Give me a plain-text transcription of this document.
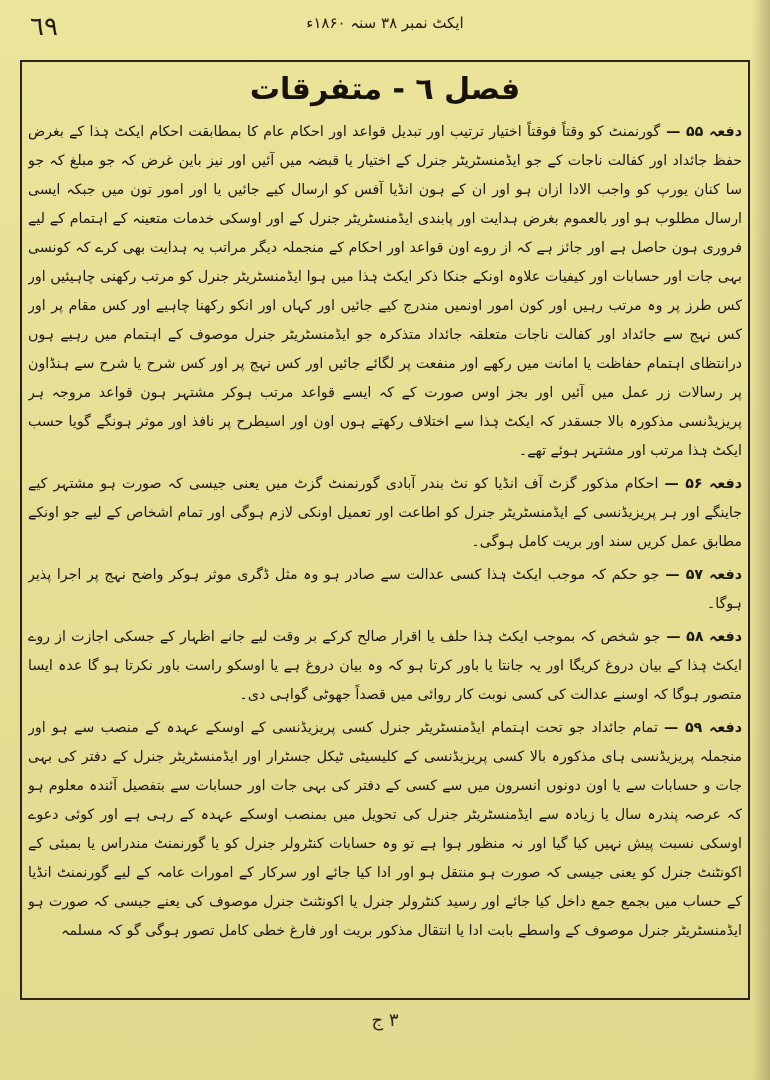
٦٩	ایکٹ نمبر ۳۸ سنہ ۱۸۶۰ء
فصل ٦ - متفرقات

دفعہ ۵۵ —گورنمنٹ کو وقتاً فوقتاً اختیار ترتیب اور تبدیل قواعد اور احکام عام کا بمطابقت احکام ایکٹ ہٰذا کے بغرض حفظ جائداد اور کفالت ناجات کے جو ایڈمنسٹریٹر جنرل کے اختیار یا قبضہ میں آئیں اور نیز باین غرض کہ جو مبلغ کہ جو سا کنان یورپ کو واجب الادا ازان ہو اور ان کے ہون انڈیا آفس کو ارسال کیے جائیں یا اور امور تون میں جبکہ ایسی ارسال مطلوب ہو اور بالعموم بغرض ہدایت اور پابندی ایڈمنسٹریٹر جنرل کے اور اوسکی خدمات متعینہ کے اہتمام کے لیے فروری ہون حاصل ہے اور جائز ہے کہ از روے اون قواعد اور احکام کے منجملہ دیگر مراتب یہ ہدایت بھی کرے کہ کونسی بہی جات اور حسابات اور کیفیات علاوہ اونکے جنکا ذکر ایکٹ ہٰذا میں ہوا ایڈمنسٹریٹر جنرل کو مرتب رکھنی چاہیئیں اور کس طرز پر وہ مرتب رہیں اور کون امور اونمیں مندرج کیے جائیں اور کہاں اور انکو رکھنا چاہیے اور کس مقام پر اور کس نہج سے جائداد اور کفالت ناجات متعلقہ جائداد متذکرہ جو ایڈمنسٹریٹر جنرل موصوف کے اہتمام میں رہیے ہوں درانتظای اہتمام حفاظت یا امانت میں رکھے اور منفعت پر لگائے جائیں اور کس نہج پر اور کس شرح یا شرح سے ہنڈاون پر رسالات زر عمل میں آئیں اور بجز اوس صورت کے کہ ایسے قواعد مرتب ہوکر مشتہر ہون قواعد مروجہ ہر پریزیڈنسی مذکورہ بالا جسقدر کہ ایکٹ ہٰذا سے اختلاف رکھتے ہوں اون اور اسیطرح پر نافذ اور موثر ہونگے گویا حسب ایکٹ ہٰذا مرتب اور مشتہر ہوئے تھے۔

دفعہ ۵۶ —احکام مذکور گزٹ آف انڈیا کو نٹ بندر آبادی گورنمنٹ گزٹ میں یعنی جیسی کہ صورت ہو مشتہر کیے جاینگے اور ہر پریزیڈنسی کے ایڈمنسٹریٹر جنرل کو اطاعت اور تعمیل اونکی لازم ہوگی اور تمام اشخاص کے لیے جو اونکے مطابق عمل کریں سند اور بریت کامل ہوگی۔

دفعہ ۵۷ —جو حکم کہ موجب ایکٹ ہٰذا کسی عدالت سے صادر ہو وہ مثل ڈگری موثر ہوکر واضح نہج پر اجرا پذیر ہوگا۔

دفعہ ۵۸ —جو شخص کہ بموجب ایکٹ ہٰذا حلف یا اقرار صالح کرکے بر وقت لیے جانے اظہار کے جسکی اجازت از روے ایکٹ ہٰذا کے بیان دروغ کریگا اور یہ جانتا یا باور کرتا ہو کہ وہ بیان دروغ ہے یا اوسکو راست باور نکرتا ہو گا عدہ ایسا متصور ہوگا کہ اوسنے عدالت کی کسی نوبت کار روائی میں قصداً جھوٹی گواہی دی۔

دفعہ ۵۹ —تمام جائداد جو تحت اہتمام ایڈمنسٹریٹر جنرل کسی پریزیڈنسی کے اوسکے عہدہ کے منصب سے ہو اور منجملہ پریزیڈنسی ہای مذکورہ بالا کسی پریزیڈنسی کے کلیسیٹی ٹیکل جسٹرار اور ایڈمنسٹریٹر جنرل کے دفتر کی بہی جات و حسابات سے یا اون دونوں انسرون میں سے کسی کے دفتر کی بہی جات اور حسابات سے بتفصیل آئندہ معلوم ہو کہ عرصہ پندرہ سال یا زیادہ سے ایڈمنسٹریٹر جنرل کی تحویل میں بمنصب اوسکے عہدہ کے رہی ہے اور کوئی دعوے اوسکی نسبت پیش نہیں کیا گیا اور نہ منظور ہوا ہے تو وہ حسابات کنٹرولر جنرل کو یا گورنمنٹ مندراس یا بمبئی کے اکونٹنٹ جنرل کو یعنی جیسی کہ صورت ہو منتقل ہو اور ادا کیا جائے اور سرکار کے امورات عامہ کے لیے گورنمنٹ انڈیا کے حساب میں بجمع جمع داخل کیا جائے اور رسید کنٹرولر جنرل یا اکونٹنٹ جنرل موصوف کی یعنے جیسی کہ صورت ہو ایڈمنسٹریٹر جنرل موصوف کے واسطے بابت ادا یا انتقال مذکور بریت اور فارغ خطی کامل تصور ہوگی گو کہ مسلمہ

۳ ج
